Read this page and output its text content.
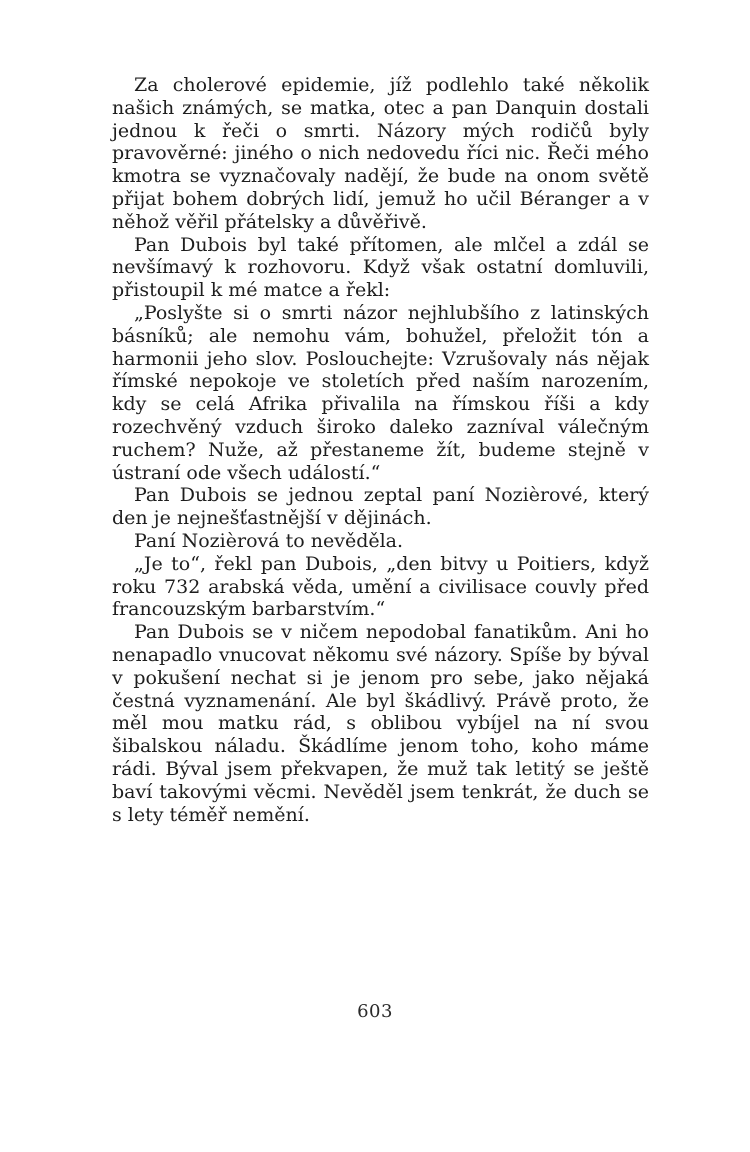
Za cholerové epidemie, jíž podlehlo také několik našich známých, se matka, otec a pan Danquin dostali jednou k řeči o smrti. Názory mých rodičů byly pravověrné: jiného o nich nedovedu říci nic. Řeči mého kmotra se vyznačovaly nadějí, že bude na onom světě přijat bohem dobrých lidí, jemuž ho učil Béranger a v něhož věřil přátelsky a důvěřivě.

Pan Dubois byl také přítomen, ale mlčel a zdál se nevšímavý k rozhovoru. Když však ostatní domluvili, přistoupil k mé matce a řekl:

„Poslyšte si o smrti názor nejhlubšího z latinských básníků; ale nemohu vám, bohužel, přeložit tón a harmonii jeho slov. Poslouchejte: Vzrušovaly nás nějak římské nepokoje ve stoletích před naším narozením, kdy se celá Afrika přivalila na římskou říši a kdy rozechvěný vzduch široko daleko zazníval válečným ruchem? Nuže, až přestaneme žít, budeme stejně v ústraní ode všech událostí.“

Pan Dubois se jednou zeptal paní Nozièrové, který den je nejnešťastnější v dějinách.

Paní Nozièrová to nevěděla.

„Je to“, řekl pan Dubois, „den bitvy u Poitiers, když roku 732 arabská věda, umění a civilisace couvly před francouzským barbarstvím.“

Pan Dubois se v ničem nepodobal fanatikům. Ani ho nenapadlo vnucovat někomu své názory. Spíše by býval v pokušení nechat si je jenom pro sebe, jako nějaká čestná vyznamenání. Ale byl škádlivý. Právě proto, že měl mou matku rád, s oblibou vybíjel na ní svou šibalskou náladu. Škádlíme jenom toho, koho máme rádi. Býval jsem překvapen, že muž tak letitý se ještě baví takovými věcmi. Nevěděl jsem tenkrát, že duch se s lety téměř nemění.

603
